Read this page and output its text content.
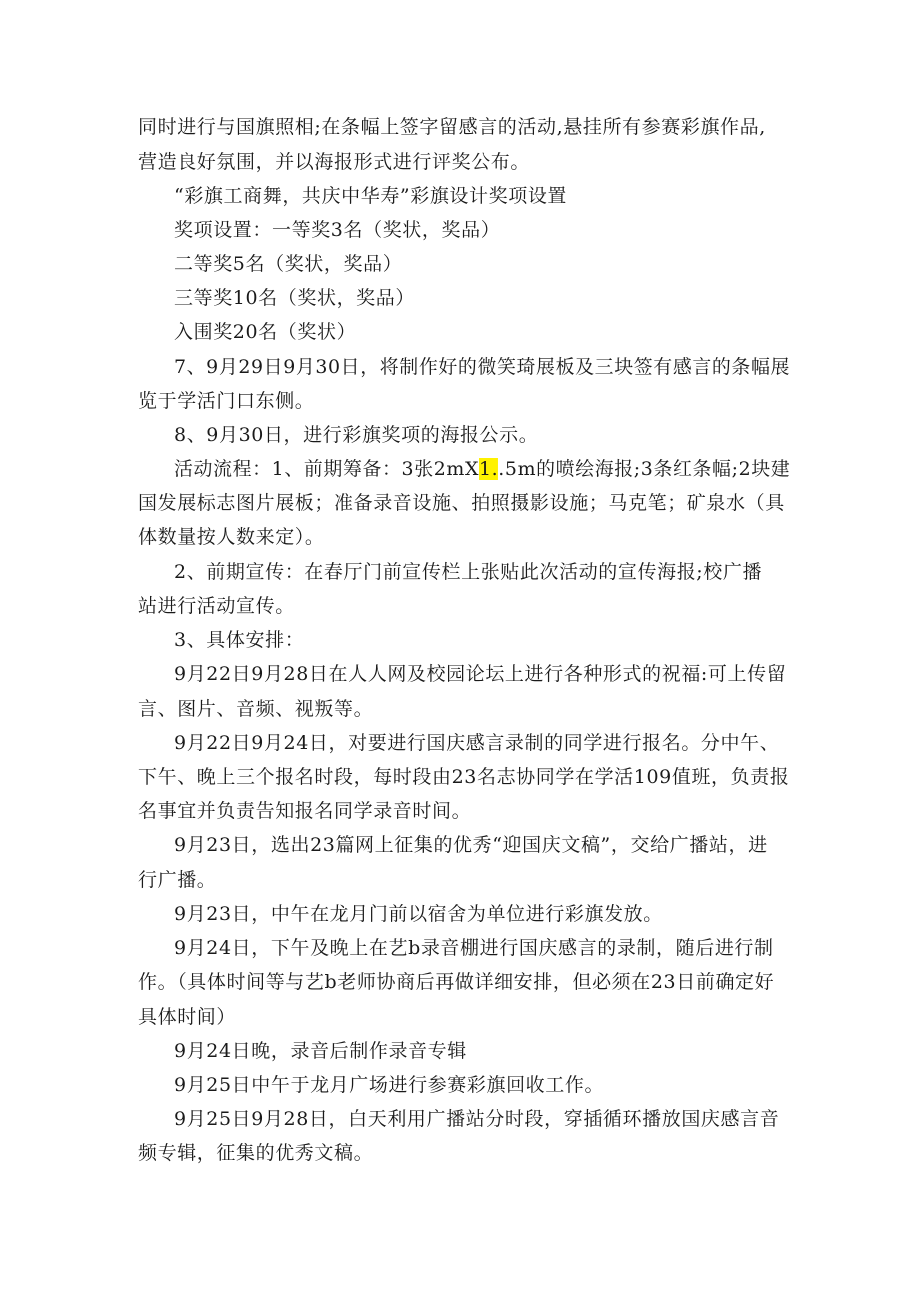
同时进行与国旗照相;在条幅上签字留感言的活动,悬挂所有参赛彩旗作品,
营造良好氛围，并以海报形式进行评奖公布。
“彩旗工商舞，共庆中华寿”彩旗设计奖项设置
奖项设置：一等奖3名（奖状，奖品）
二等奖5名（奖状，奖品）
三等奖10名（奖状，奖品）
入围奖20名（奖状）
7、9月29日9月30日，将制作好的微笑琦展板及三块签有感言的条幅展
览于学活门口东侧。
8、9月30日，进行彩旗奖项的海报公示。
活动流程：1、前期筹备：3张2mX1..5m的喷绘海报;3条红条幅;2块建
国发展标志图片展板；准备录音设施、拍照摄影设施；马克笔；矿泉水（具
体数量按人数来定）。
2、前期宣传：在春厅门前宣传栏上张贴此次活动的宣传海报;校广播
站进行活动宣传。
3、具体安排：
9月22日9月28日在人人网及校园论坛上进行各种形式的祝福:可上传留
言、图片、音频、视叛等。
9月22日9月24日，对要进行国庆感言录制的同学进行报名。分中午、
下午、晚上三个报名时段，每时段由23名志协同学在学活109值班，负责报
名事宜并负责告知报名同学录音时间。
9月23日，选出23篇网上征集的优秀“迎国庆文稿”，交给广播站，进
行广播。
9月23日，中午在龙月门前以宿舍为单位进行彩旗发放。
9月24日，下午及晚上在艺b录音棚进行国庆感言的录制，随后进行制
作。（具体时间等与艺b老师协商后再做详细安排，但必须在23日前确定好
具体时间）
9月24日晚，录音后制作录音专辑
9月25日中午于龙月广场进行参赛彩旗回收工作。
9月25日9月28日，白天利用广播站分时段，穿插循环播放国庆感言音
频专辑，征集的优秀文稿。
